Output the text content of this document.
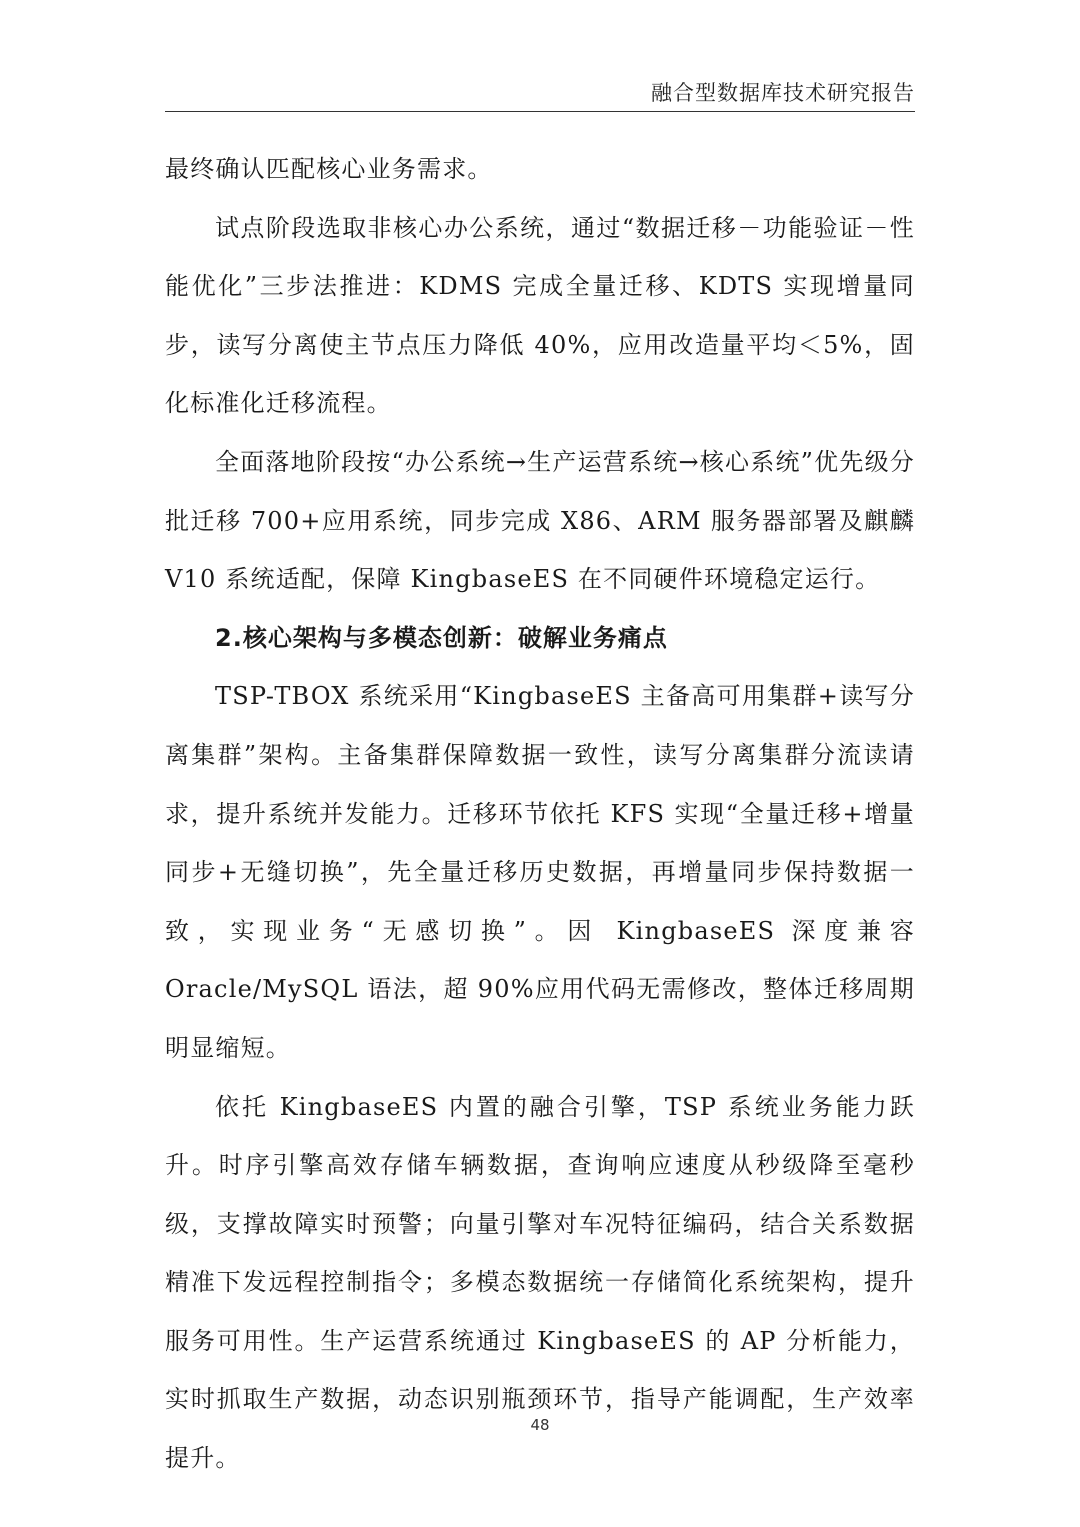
融合型数据库技术研究报告

最终确认匹配核心业务需求。

试点阶段选取非核心办公系统，通过“数据迁移－功能验证－性能优化”三步法推进：KDMS 完成全量迁移、KDTS 实现增量同步，读写分离使主节点压力降低 40%，应用改造量平均＜5%，固化标准化迁移流程。

全面落地阶段按“办公系统→生产运营系统→核心系统”优先级分批迁移 700+应用系统，同步完成 X86、ARM 服务器部署及麒麟 V10 系统适配，保障 KingbaseES 在不同硬件环境稳定运行。

2.核心架构与多模态创新：破解业务痛点

TSP-TBOX 系统采用“KingbaseES 主备高可用集群+读写分离集群”架构。主备集群保障数据一致性，读写分离集群分流读请求，提升系统并发能力。迁移环节依托 KFS 实现“全量迁移+增量同步+无缝切换”，先全量迁移历史数据，再增量同步保持数据一致，实现业务“无感切换”。因 KingbaseES 深度兼容 Oracle/MySQL 语法，超 90%应用代码无需修改，整体迁移周期明显缩短。

依托 KingbaseES 内置的融合引擎，TSP 系统业务能力跃升。时序引擎高效存储车辆数据，查询响应速度从秒级降至毫秒级，支撑故障实时预警；向量引擎对车况特征编码，结合关系数据精准下发远程控制指令；多模态数据统一存储简化系统架构，提升服务可用性。生产运营系统通过 KingbaseES 的 AP 分析能力，实时抓取生产数据，动态识别瓶颈环节，指导产能调配，生产效率提升。

48
